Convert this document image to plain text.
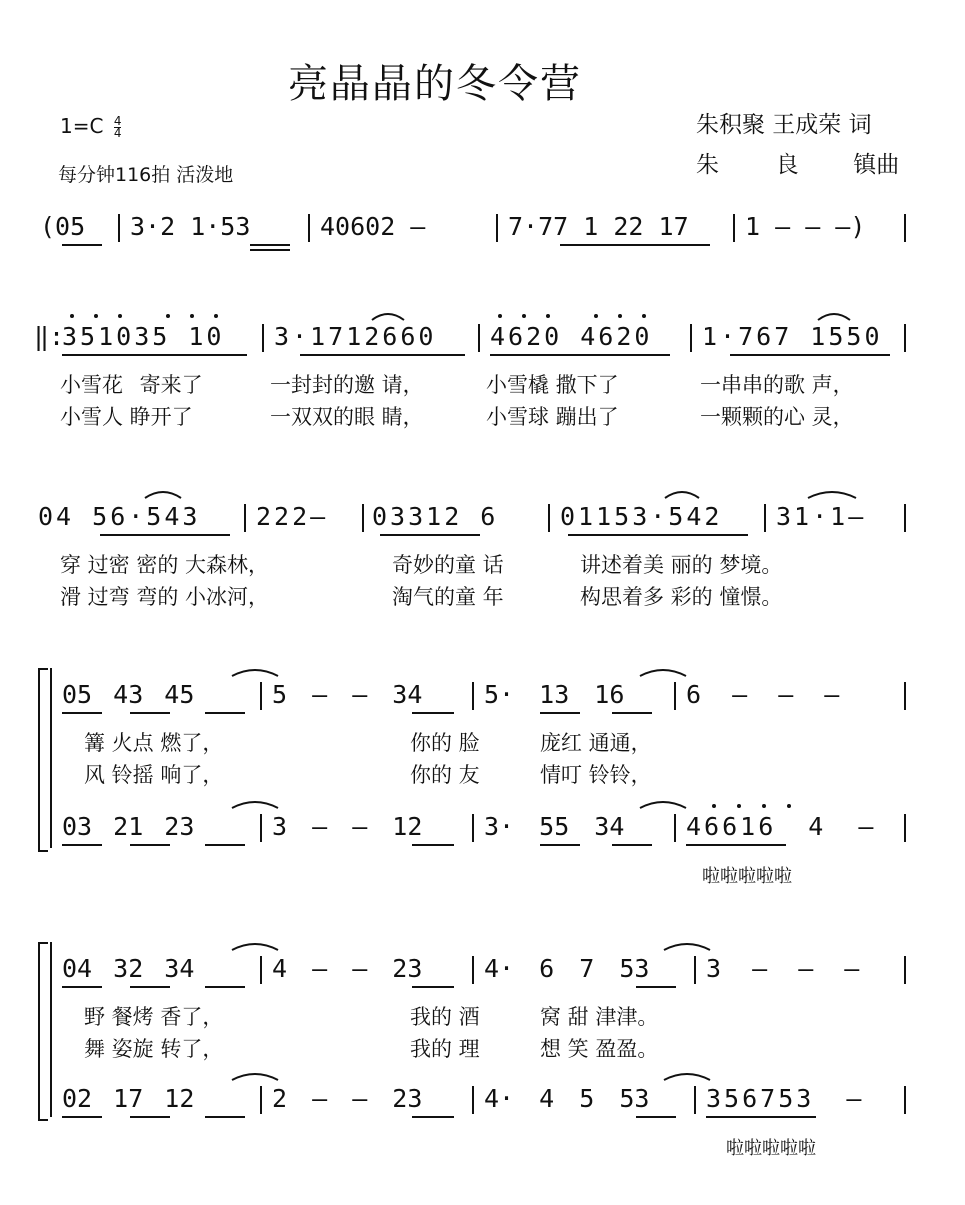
亮晶晶的冬令营
$1=C \frac{4}{4}$
每分钟116拍 活泼地
朱积聚 王成荣 词
朱 良 镇曲
(05 3·2 1·53	40602 –	7·77 1 22 17 1 – – –)
‖:
351035 10 3·1712660 4620 4620 1·767 1550
小雪花 寄来了	一封封的邀 请，	小雪橇 撒下了	一串串的歌 声，
小雪人 睁开了	一双双的眼 睛，	小雪球 蹦出了	一颗颗的心 灵，
04 56·543 222– 03312 6 01153·542 31·1–
穿 过密 密的 大森林，	奇妙的童 话	讲述着美 丽的 梦境。
滑 过弯 弯的 小冰河，	淘气的童 年	构思着多 彩的 憧憬。
05 43 45	5 – – 34 5· 13 16 6 – – –
篝 火点 燃了，	你的 脸	庞红 通通，
风 铃摇 响了，	你的 友	情叮 铃铃，
03 21 23	3 – – 12 3· 55 34 46616 4 –
啦啦啦啦啦
04 32 34	4 – – 23 4· 6 7 53 3 – – –
野 餐烤 香了，	我的 酒	窝 甜 津津。
舞 姿旋 转了，	我的 理	想 笑 盈盈。
02 17 12	2 – – 23 4· 4 5 53 356753 –
啦啦啦啦啦
